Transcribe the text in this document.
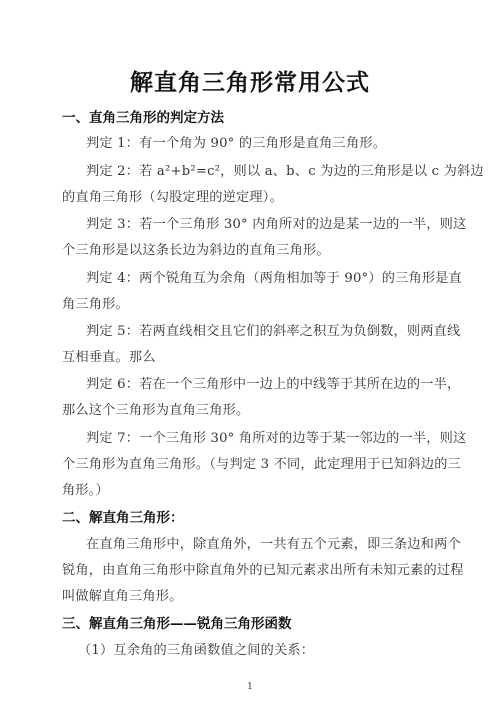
解直角三角形常用公式
一、直角三角形的判定方法
判定 1：有一个角为 90° 的三角形是直角三角形。
判定 2：若 a²+b²=c²，则以 a、b、c 为边的三角形是以 c 为斜边
的直角三角形（勾股定理的逆定理）。
判定 3：若一个三角形 30° 内角所对的边是某一边的一半，则这
个三角形是以这条长边为斜边的直角三角形。
判定 4：两个锐角互为余角（两角相加等于 90°）的三角形是直
角三角形。
判定 5：若两直线相交且它们的斜率之积互为负倒数，则两直线
互相垂直。那么
判定 6：若在一个三角形中一边上的中线等于其所在边的一半，
那么这个三角形为直角三角形。
判定 7：一个三角形 30° 角所对的边等于某一邻边的一半，则这
个三角形为直角三角形。（与判定 3 不同，此定理用于已知斜边的三
角形。）
二、解直角三角形：
在直角三角形中，除直角外，一共有五个元素，即三条边和两个
锐角，由直角三角形中除直角外的已知元素求出所有未知元素的过程
叫做解直角三角形。
三、解直角三角形——锐角三角形函数
（1）互余角的三角函数值之间的关系：
1
